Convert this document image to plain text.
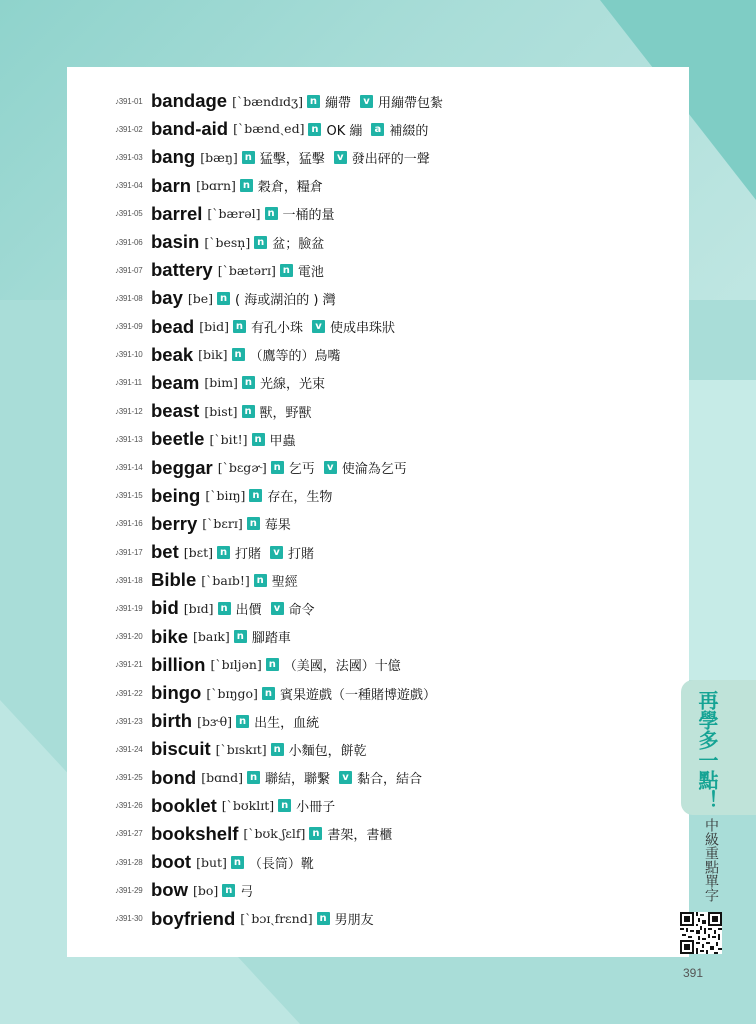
♪391-01 bandage [ˋbændɪdʒ] n 繃帶	v 用繃帶包紮
♪391-02 band-aid [ˋbændˏed] n OK 繃	a 補綴的
♪391-03 bang [bæŋ] n 猛擊，猛擊	v 發出砰的一聲
♪391-04 barn [bɑrn] n 穀倉，糧倉
♪391-05 barrel [ˋbærəl] n 一桶的量
♪391-06 basin [ˋbesn̩] n 盆；臉盆
♪391-07 battery [ˋbætərɪ] n 電池
♪391-08 bay [be] n ( 海或湖泊的 ) 灣
♪391-09 bead [bid] n 有孔小珠	v 使成串珠狀
♪391-10 beak [bik] n （鷹等的）鳥嘴
♪391-11 beam [bim] n 光線，光束
♪391-12 beast [bist] n 獸，野獸
♪391-13 beetle [ˋbit!] n 甲蟲
♪391-14 beggar [ˋbɛgɚ] n 乞丐	v 使淪為乞丐
♪391-15 being [ˋbiɪŋ] n 存在，生物
♪391-16 berry [ˋbɛrɪ] n 莓果
♪391-17 bet [bɛt] n 打賭	v 打賭
♪391-18 Bible [ˋbaɪb!] n 聖經
♪391-19 bid [bɪd] n 出價	v 命令
♪391-20 bike [baɪk] n 腳踏車
♪391-21 billion [ˋbɪljən] n （美國，法國）十億
♪391-22 bingo [ˋbɪŋgo] n 賓果遊戲（一種賭博遊戲）
♪391-23 birth [bɝθ] n 出生，血統
♪391-24 biscuit [ˋbɪskɪt] n 小麵包，餅乾
♪391-25 bond [bɑnd] n 聯結，聯繫	v 黏合，結合
♪391-26 booklet [ˋbʊklɪt] n 小冊子
♪391-27 bookshelf [ˋbʊkˏʃɛlf] n 書架，書櫃
♪391-28 boot [but] n （長筒）靴
♪391-29 bow [bo] n 弓
♪391-30 boyfriend [ˋbɔɪˏfrɛnd] n 男朋友
再學多一點！
中級重點單字
391
